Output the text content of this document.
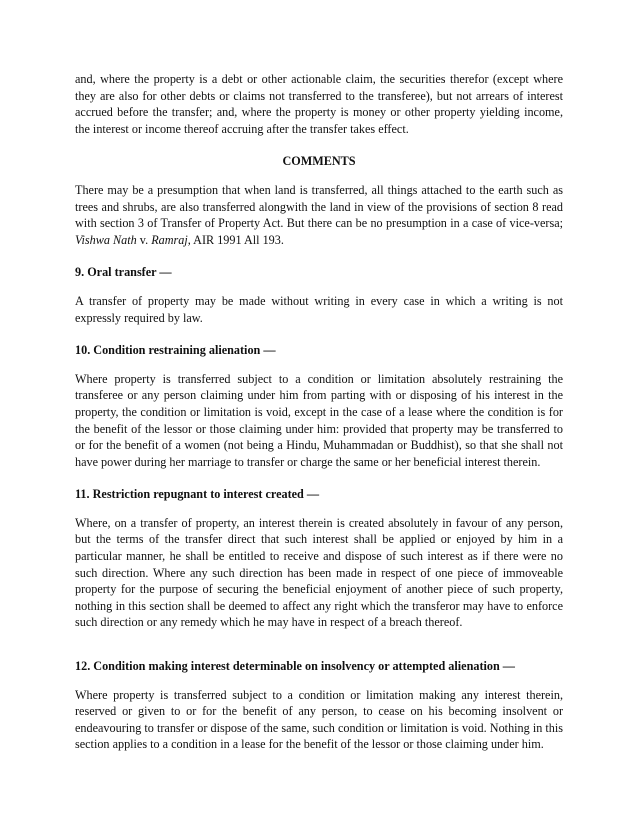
and, where the property is a debt or other actionable claim, the securities therefor (except where they are also for other debts or claims not transferred to the transferee), but not arrears of interest accrued before the transfer; and, where the property is money or other property yielding income, the interest or income thereof accruing after the transfer takes effect.

COMMENTS

There may be a presumption that when land is transferred, all things attached to the earth such as trees and shrubs, are also transferred alongwith the land in view of the provisions of section 8 read with section 3 of Transfer of Property Act. But there can be no presumption in a case of vice-versa; Vishwa Nath v. Ramraj, AIR 1991 All 193.

9. Oral transfer —

A transfer of property may be made without writing in every case in which a writing is not expressly required by law.

10. Condition restraining alienation —

Where property is transferred subject to a condition or limitation absolutely restraining the transferee or any person claiming under him from parting with or disposing of his interest in the property, the condition or limitation is void, except in the case of a lease where the condition is for the benefit of the lessor or those claiming under him: provided that property may be transferred to or for the benefit of a women (not being a Hindu, Muhammadan or Buddhist), so that she shall not have power during her marriage to transfer or charge the same or her beneficial interest therein.

11. Restriction repugnant to interest created —

Where, on a transfer of property, an interest therein is created absolutely in favour of any person, but the terms of the transfer direct that such interest shall be applied or enjoyed by him in a particular manner, he shall be entitled to receive and dispose of such interest as if there were no such direction. Where any such direction has been made in respect of one piece of immoveable property for the purpose of securing the beneficial enjoyment of another piece of such property, nothing in this section shall be deemed to affect any right which the transferor may have to enforce such direction or any remedy which he may have in respect of a breach thereof.

12. Condition making interest determinable on insolvency or attempted alienation —

Where property is transferred subject to a condition or limitation making any interest therein, reserved or given to or for the benefit of any person, to cease on his becoming insolvent or endeavouring to transfer or dispose of the same, such condition or limitation is void. Nothing in this section applies to a condition in a lease for the benefit of the lessor or those claiming under him.
